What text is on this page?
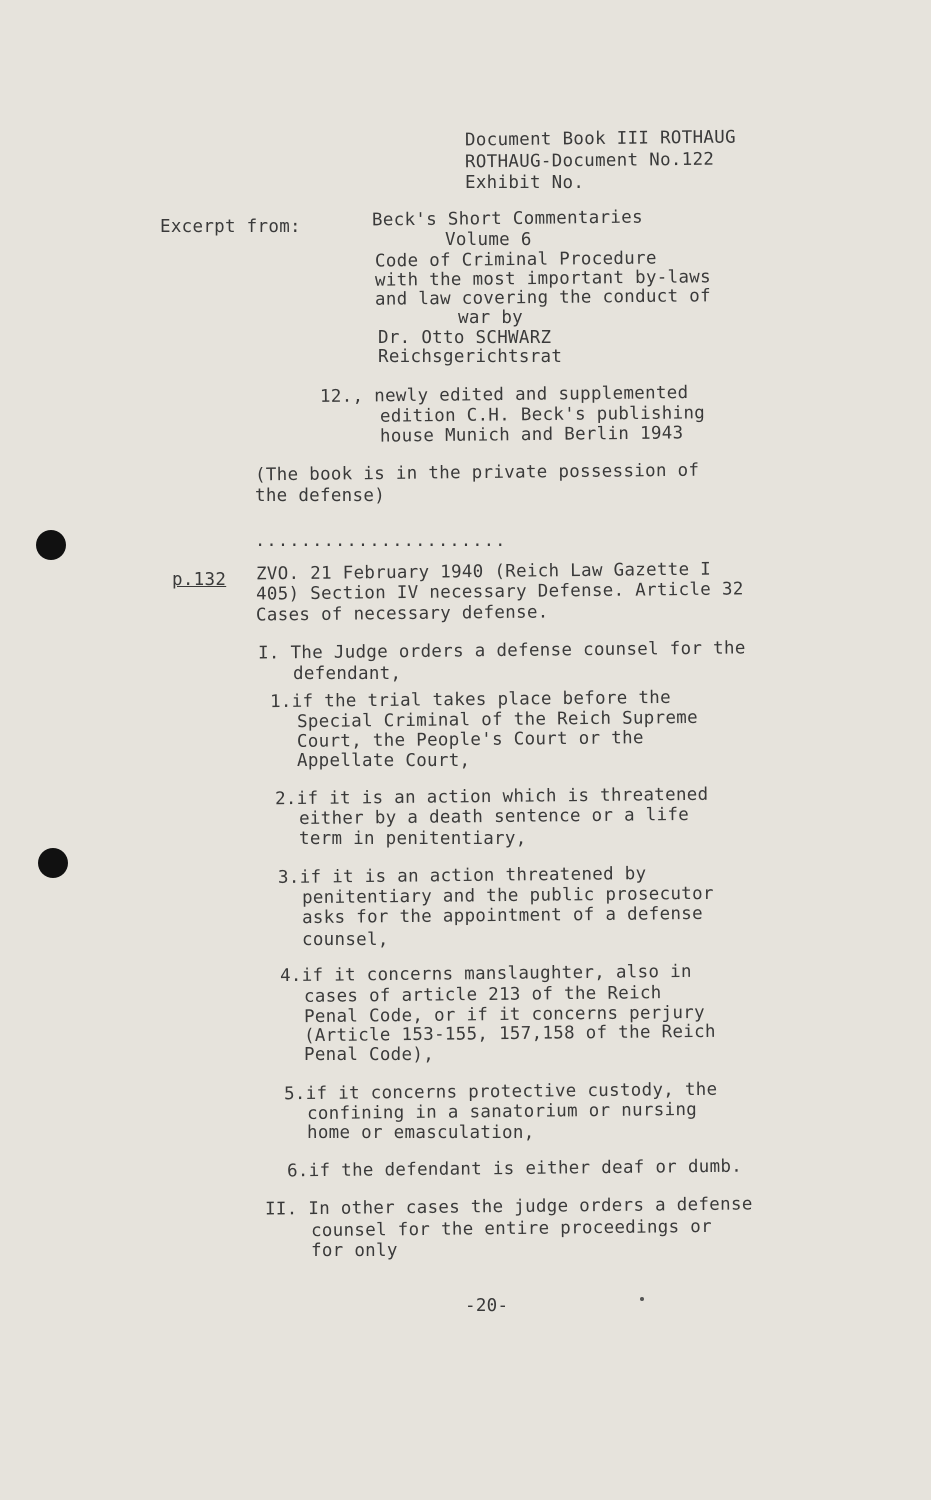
Document Book III ROTHAUG
ROTHAUG-Document No.122
Exhibit No.
Excerpt from:	Beck's Short Commentaries
Volume 6
Code of Criminal Procedure
with the most important by-laws
and law covering the conduct of
war by
Dr. Otto SCHWARZ
Reichsgerichtsrat
12., newly edited and supplemented
edition C.H. Beck's publishing
house Munich and Berlin 1943
(The book is in the private possession of
the defense)
......................
p.132 ZVO. 21 February 1940 (Reich Law Gazette I
405) Section IV necessary Defense. Article 32
Cases of necessary defense.
I. The Judge orders a defense counsel for the
defendant,
1.if the trial takes place before the
Special Criminal of the Reich Supreme
Court, the People's Court or the
Appellate Court,
2.if it is an action which is threatened
either by a death sentence or a life
term in penitentiary,
3.if it is an action threatened by
penitentiary and the public prosecutor
asks for the appointment of a defense
counsel,
4.if it concerns manslaughter, also in
cases of article 213 of the Reich
Penal Code, or if it concerns perjury
(Article 153-155, 157,158 of the Reich
Penal Code),
5.if it concerns protective custody, the
confining in a sanatorium or nursing
home or emasculation,
6.if the defendant is either deaf or dumb.
II. In other cases the judge orders a defense
counsel for the entire proceedings or
for only
-20-
